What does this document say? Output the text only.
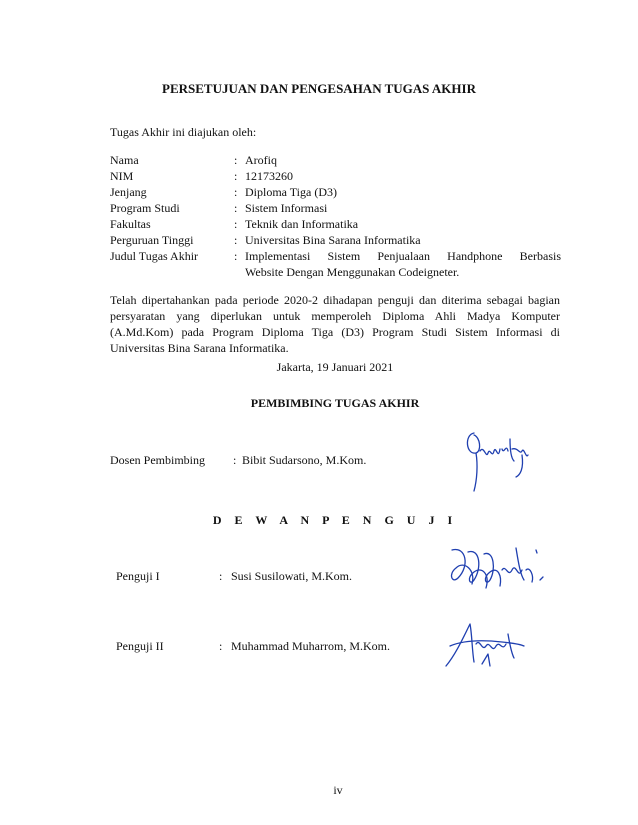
PERSETUJUAN DAN PENGESAHAN TUGAS AKHIR
Tugas Akhir ini diajukan oleh:
Nama	: Arofiq
NIM	: 12173260
Jenjang	: Diploma Tiga (D3)
Program Studi	: Sistem Informasi
Fakultas	: Teknik dan Informatika
Perguruan Tinggi	: Universitas Bina Sarana Informatika
Judul Tugas Akhir	: Implementasi Sistem Penjualaan Handphone Berbasis
Website Dengan Menggunakan Codeigneter.
Telah dipertahankan pada periode 2020-2 dihadapan penguji dan diterima sebagai bagian
persyaratan yang diperlukan untuk memperoleh Diploma Ahli Madya Komputer
(A.Md.Kom) pada Program Diploma Tiga (D3) Program Studi Sistem Informasi di
Universitas Bina Sarana Informatika.
Jakarta, 19 Januari 2021
PEMBIMBING TUGAS AKHIR
Dosen Pembimbing : Bibit Sudarsono, M.Kom.
D E W A N P E N G U J I
Penguji I	: Susi Susilowati, M.Kom.
Penguji II	: Muhammad Muharrom, M.Kom.
iv
